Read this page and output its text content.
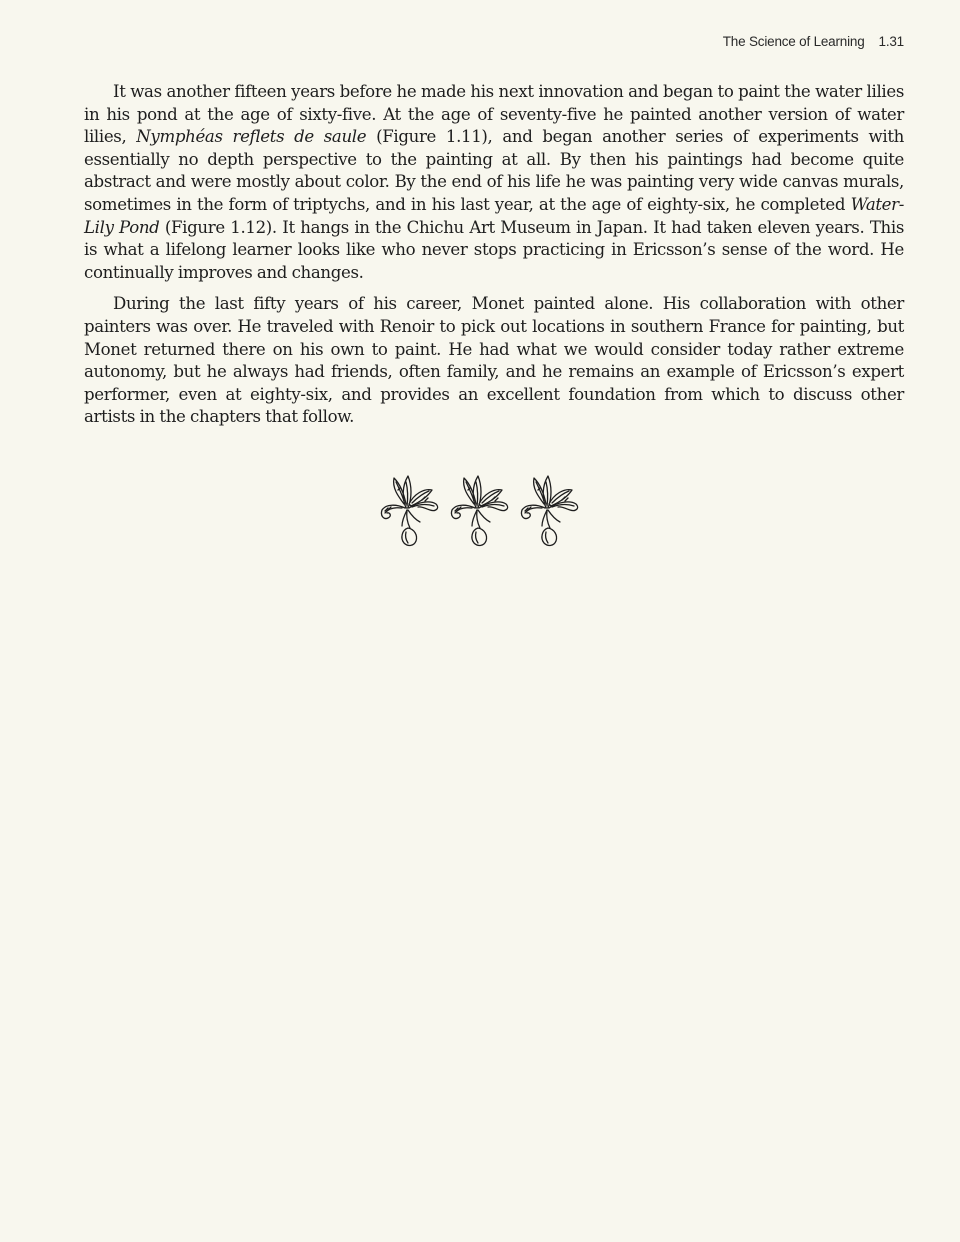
The Science of Learning 1.31

It was another fifteen years before he made his next innovation and began to paint the water lilies in his pond at the age of sixty-five. At the age of seventy-five he painted another version of water lilies, Nymphéas reflets de saule (Figure 1.11), and began another series of experiments with essentially no depth perspective to the painting at all. By then his paintings had become quite abstract and were mostly about color. By the end of his life he was painting very wide canvas murals, sometimes in the form of triptychs, and in his last year, at the age of eighty-six, he completed Water-Lily Pond (Figure 1.12). It hangs in the Chichu Art Museum in Japan. It had taken eleven years. This is what a lifelong learner looks like who never stops practicing in Ericsson’s sense of the word. He continually improves and changes.

During the last fifty years of his career, Monet painted alone. His collaboration with other painters was over. He traveled with Renoir to pick out locations in southern France for painting, but Monet returned there on his own to paint. He had what we would consider today rather extreme autonomy, but he always had friends, often family, and he remains an example of Ericsson’s expert performer, even at eighty-six, and provides an excellent foundation from which to discuss other artists in the chapters that follow.
